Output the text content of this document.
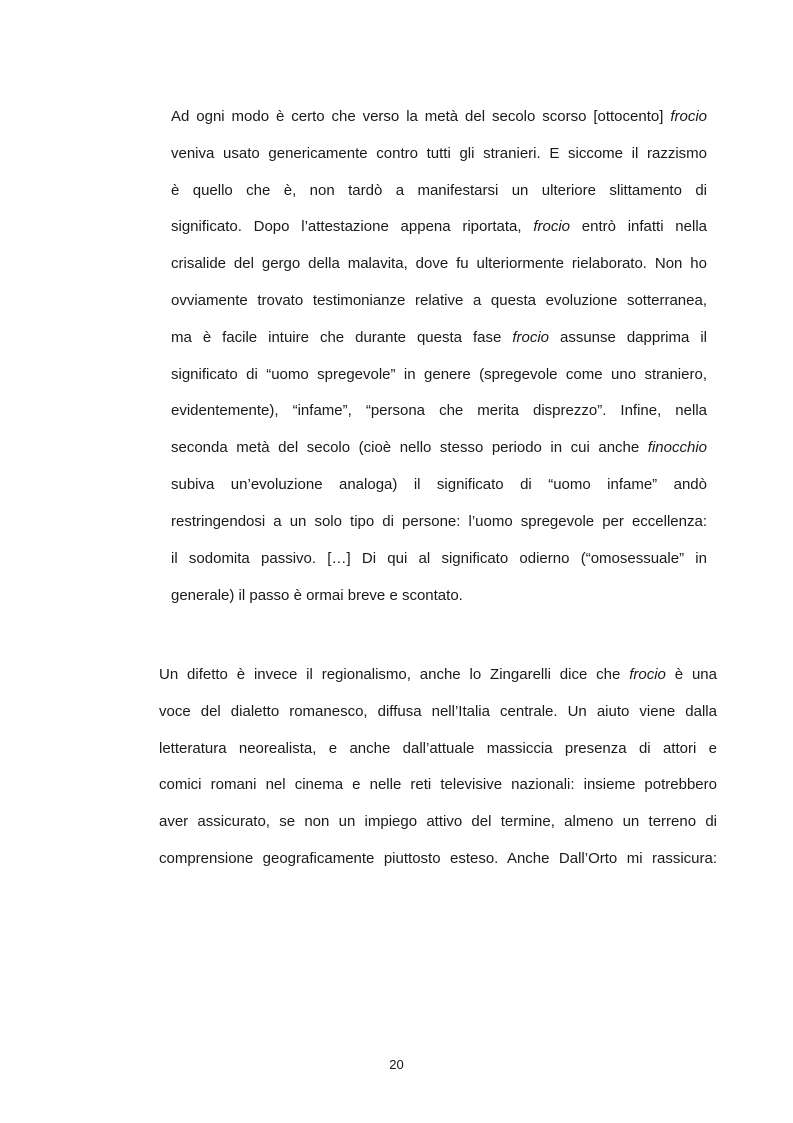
Ad ogni modo è certo che verso la metà del secolo scorso [ottocento] frocio
veniva usato genericamente contro tutti gli stranieri. E siccome il razzismo
è quello che è, non tardò a manifestarsi un ulteriore slittamento di
significato. Dopo l’attestazione appena riportata, frocio entrò infatti nella
crisalide del gergo della malavita, dove fu ulteriormente rielaborato. Non ho
ovviamente trovato testimonianze relative a questa evoluzione sotterranea,
ma è facile intuire che durante questa fase frocio assunse dapprima il
significato di “uomo spregevole” in genere (spregevole come uno straniero,
evidentemente), “infame”, “persona che merita disprezzo”. Infine, nella
seconda metà del secolo (cioè nello stesso periodo in cui anche finocchio
subiva un’evoluzione analoga) il significato di “uomo infame” andò
restringendosi a un solo tipo di persone: l’uomo spregevole per eccellenza:
il sodomita passivo. […] Di qui al significato odierno (“omosessuale” in
generale) il passo è ormai breve e scontato.
Un difetto è invece il regionalismo, anche lo Zingarelli dice che frocio è una
voce del dialetto romanesco, diffusa nell’Italia centrale. Un aiuto viene dalla
letteratura neorealista, e anche dall’attuale massiccia presenza di attori e
comici romani nel cinema e nelle reti televisive nazionali: insieme potrebbero
aver assicurato, se non un impiego attivo del termine, almeno un terreno di
comprensione geograficamente piuttosto esteso. Anche Dall’Orto mi rassicura:
20
